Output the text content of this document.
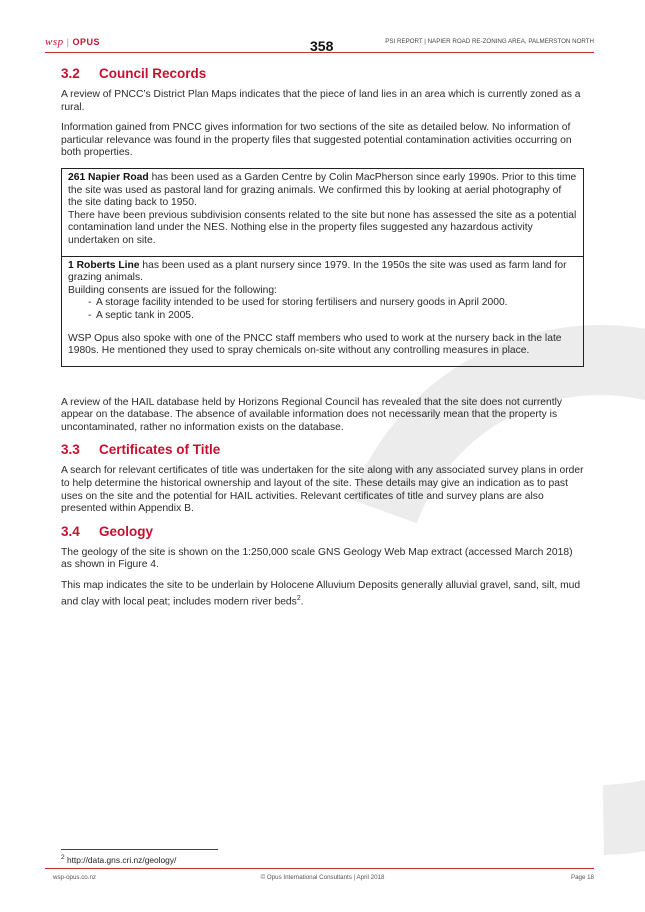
wsp | OPUS	358	PSI REPORT | NAPIER ROAD RE-ZONING AREA, PALMERSTON NORTH
3.2	Council Records

A review of PNCC’s District Plan Maps indicates that the piece of land lies in an area which is currently zoned as a rural.

Information gained from PNCC gives information for two sections of the site as detailed below. No information of particular relevance was found in the property files that suggested potential contamination activities occurring on both properties.

261 Napier Road has been used as a Garden Centre by Colin MacPherson since early 1990s. Prior to this time the site was used as pastoral land for grazing animals. We confirmed this by looking at aerial photography of the site dating back to 1950.
There have been previous subdivision consents related to the site but none has assessed the site as a potential contamination land under the NES. Nothing else in the property files suggested any hazardous activity undertaken on site.
1 Roberts Line has been used as a plant nursery since 1979. In the 1950s the site was used as farm land for grazing animals.
Building consents are issued for the following:
- A storage facility intended to be used for storing fertilisers and nursery goods in April 2000.
- A septic tank in 2005.
WSP Opus also spoke with one of the PNCC staff members who used to work at the nursery back in the late 1980s. He mentioned they used to spray chemicals on-site without any controlling measures in place.

A review of the HAIL database held by Horizons Regional Council has revealed that the site does not currently appear on the database. The absence of available information does not necessarily mean that the property is uncontaminated, rather no information exists on the database.

3.3	Certificates of Title

A search for relevant certificates of title was undertaken for the site along with any associated survey plans in order to help determine the historical ownership and layout of the site. These details may give an indication as to past uses on the site and the potential for HAIL activities. Relevant certificates of title and survey plans are also presented within Appendix B.

3.4	Geology

The geology of the site is shown on the 1:250,000 scale GNS Geology Web Map extract (accessed March 2018) as shown in Figure 4.

This map indicates the site to be underlain by Holocene Alluvium Deposits generally alluvial gravel, sand, silt, mud and clay with local peat; includes modern river beds$^2$.

$^2$ http://data.gns.cri.nz/geology/
wsp-opus.co.nz	© Opus International Consultants | April 2018	Page 18
